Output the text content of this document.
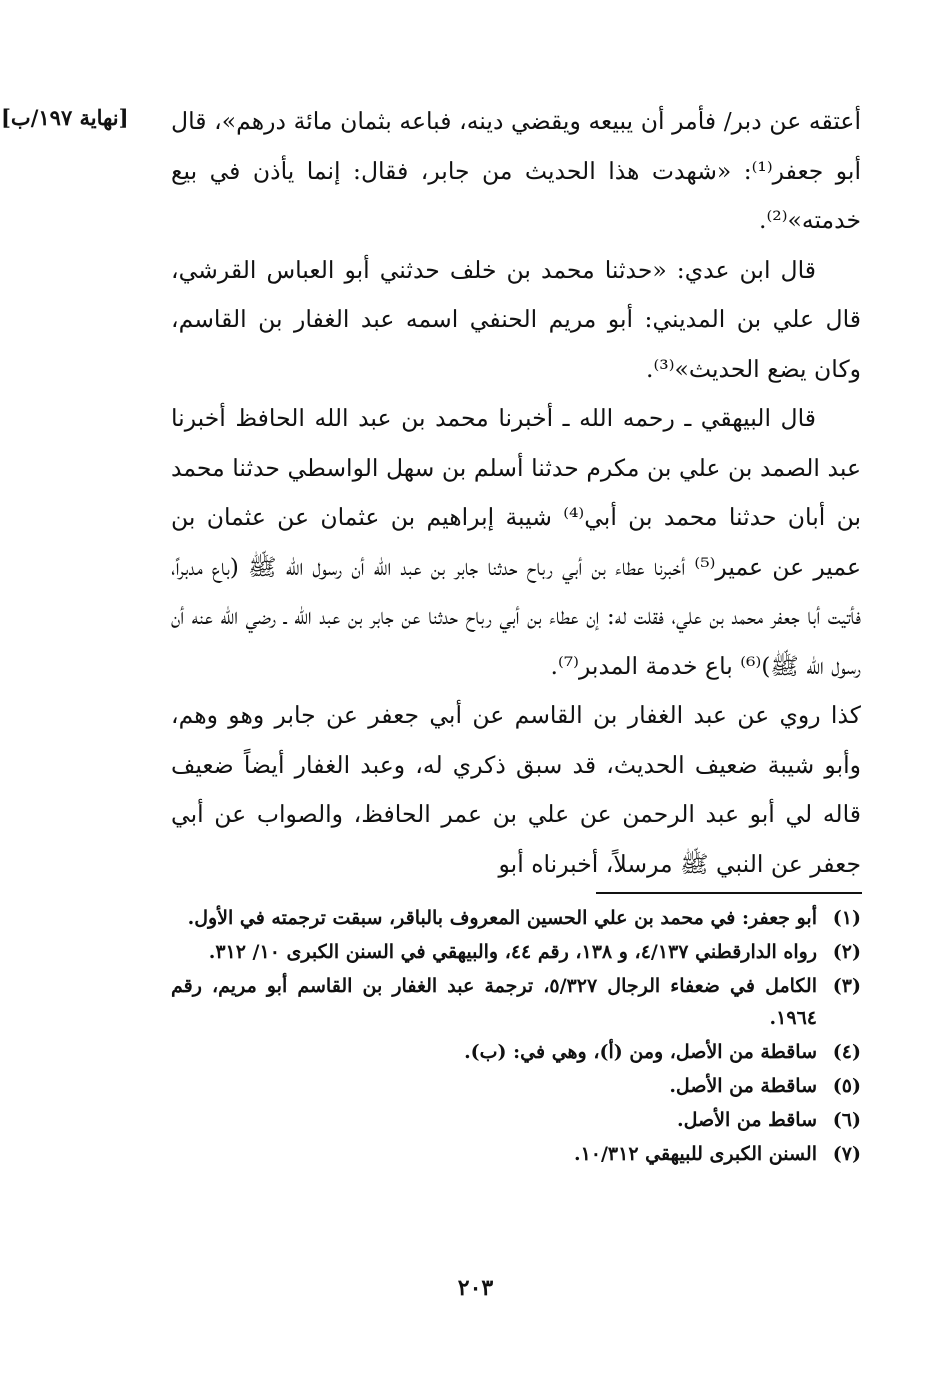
[نهاية ١٩٧/ب]	أعتقه عن دبر/ فأمر أن يبيعه ويقضي دينه، فباعه بثمان مائة درهم»، قال أبو جعفر⁽¹⁾: «شهدت هذا الحديث من جابر، فقال: إنما يأذن في بيع خدمته»⁽²⁾.

قال ابن عدي: «حدثنا محمد بن خلف حدثني أبو العباس القرشي، قال علي بن المديني: أبو مريم الحنفي اسمه عبد الغفار بن القاسم، وكان يضع الحديث»⁽³⁾.

قال البيهقي ـ رحمه الله ـ أخبرنا محمد بن عبد الله الحافظ أخبرنا عبد الصمد بن علي بن مكرم حدثنا أسلم بن سهل الواسطي حدثنا محمد بن أبان حدثنا محمد بن أبي⁽⁴⁾ شيبة إبراهيم بن عثمان عن عثمان بن عمير عن عمير⁽⁵⁾ أخبرنا عطاء بن أبي رباح حدثنا جابر بن عبد الله أن رسول الله ﷺ (باع مدبراً، فأتيت أبا جعفر محمد بن علي، فقلت له: إن عطاء بن أبي رباح حدثنا عن جابر بن عبد الله ـ رضي الله عنه أن رسول الله ﷺ)⁽⁶⁾ باع خدمة المدبر⁽⁷⁾.

كذا روي عن عبد الغفار بن القاسم عن أبي جعفر عن جابر وهو وهم، وأبو شيبة ضعيف الحديث، قد سبق ذكري له، وعبد الغفار أيضاً ضعيف قاله لي أبو عبد الرحمن عن علي بن عمر الحافظ، والصواب عن أبي جعفر عن النبي ﷺ مرسلاً، أخبرناه أبو

(١)
أبو جعفر: في محمد بن علي الحسين المعروف بالباقر، سبقت ترجمته في الأول.
(٢)
رواه الدارقطني ٤/١٣٧، و ١٣٨، رقم ٤٤، والبيهقي في السنن الكبرى ١٠/ ٣١٢.
(٣)
الكامل في ضعفاء الرجال ٥/٣٢٧، ترجمة عبد الغفار بن القاسم أبو مريم، رقم ١٩٦٤.
(٤)
ساقطة من الأصل، ومن (أ)، وهي في: (ب).
(٥)
ساقطة من الأصل.
(٦)
ساقط من الأصل.
(٧)
السنن الكبرى للبيهقي ١٠/٣١٢.
٢٠٣
